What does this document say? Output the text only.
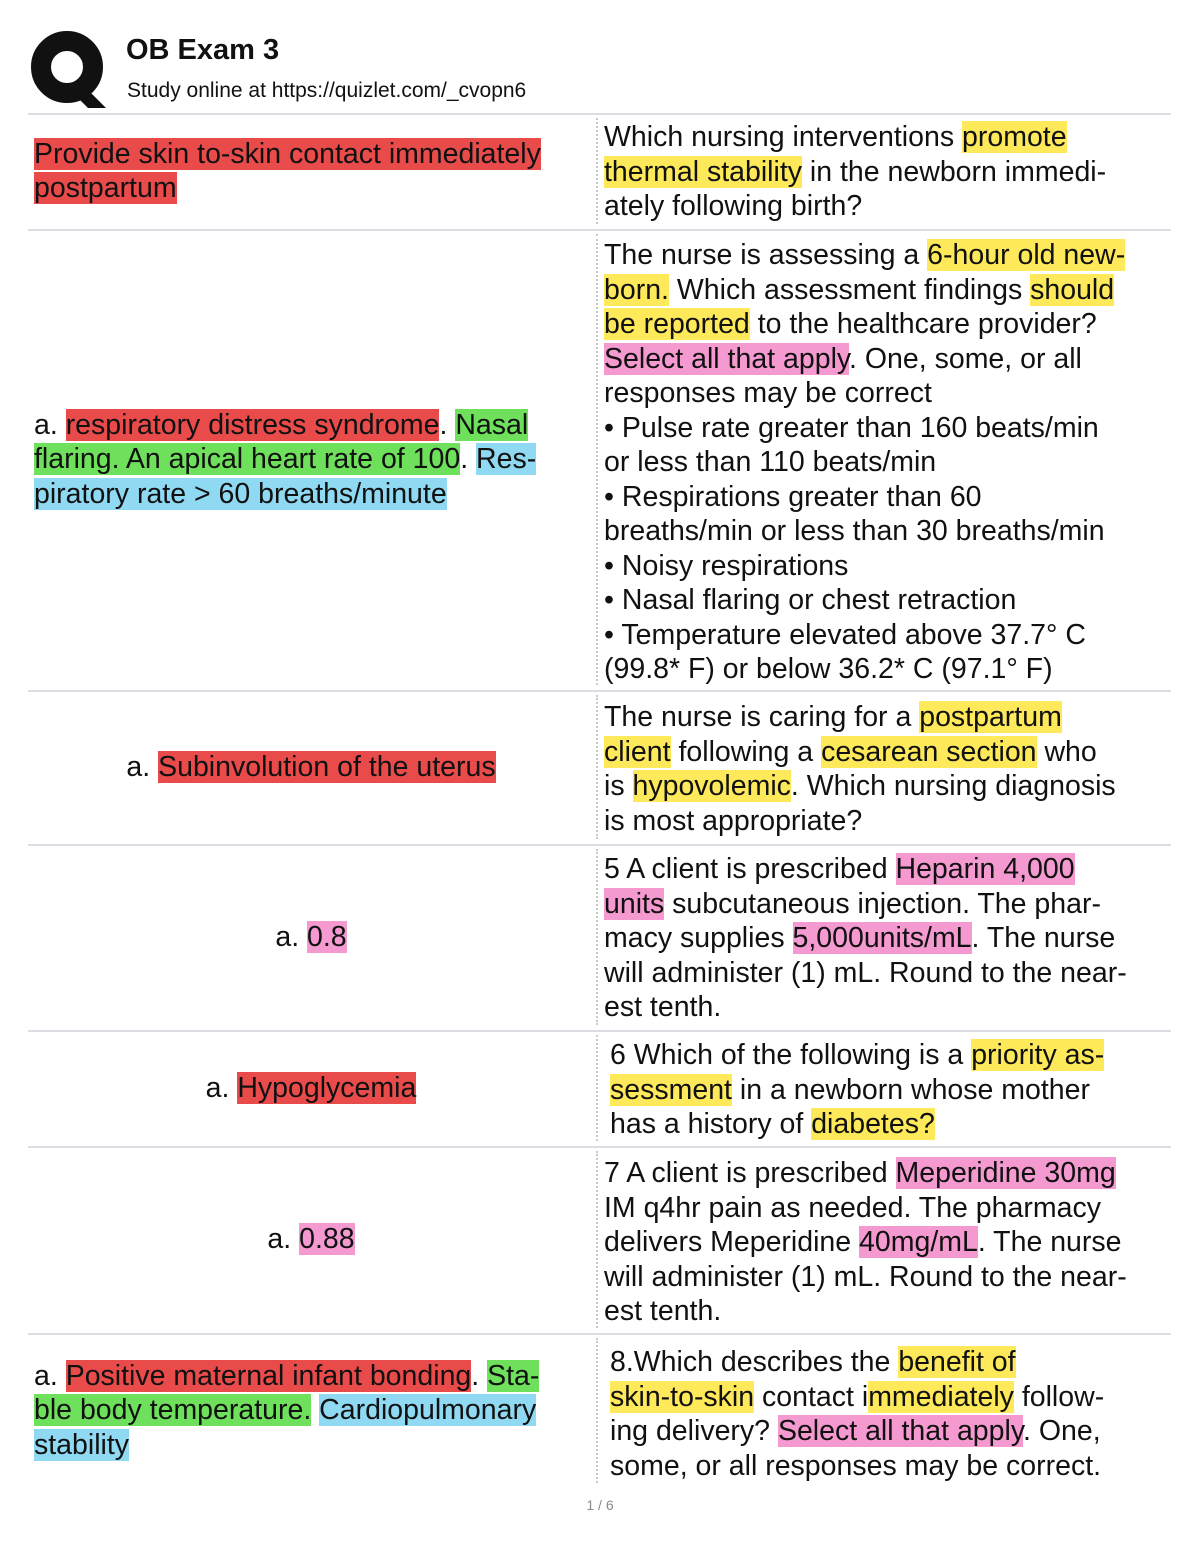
OB Exam 3
Study online at https://quizlet.com/_cvopn6
Provide skin to-skin contact immediately
postpartum
Which nursing interventions promote
thermal stability in the newborn immedi-
ately following birth?
a. respiratory distress syndrome. Nasal
flaring. An apical heart rate of 100. Res-
piratory rate > 60 breaths/minute
The nurse is assessing a 6-hour old new-
born. Which assessment findings should
be reported to the healthcare provider?
Select all that apply. One, some, or all
responses may be correct
• Pulse rate greater than 160 beats/min
or less than 110 beats/min
• Respirations greater than 60
breaths/min or less than 30 breaths/min
• Noisy respirations
• Nasal flaring or chest retraction
• Temperature elevated above 37.7° C
(99.8* F) or below 36.2* C (97.1° F)
a. Subinvolution of the uterus
The nurse is caring for a postpartum
client following a cesarean section who
is hypovolemic. Which nursing diagnosis
is most appropriate?
a. 0.8
5 A client is prescribed Heparin 4,000
units subcutaneous injection. The phar-
macy supplies 5,000units/mL. The nurse
will administer (1) mL. Round to the near-
est tenth.
a. Hypoglycemia
6 Which of the following is a priority as-
sessment in a newborn whose mother
has a history of diabetes?
a. 0.88
7 A client is prescribed Meperidine 30mg
IM q4hr pain as needed. The pharmacy
delivers Meperidine 40mg/mL. The nurse
will administer (1) mL. Round to the near-
est tenth.
a. Positive maternal infant bonding. Sta-
ble body temperature. Cardiopulmonary
stability
8.Which describes the benefit of
skin-to-skin contact immediately follow-
ing delivery? Select all that apply. One,
some, or all responses may be correct.
1 / 6
